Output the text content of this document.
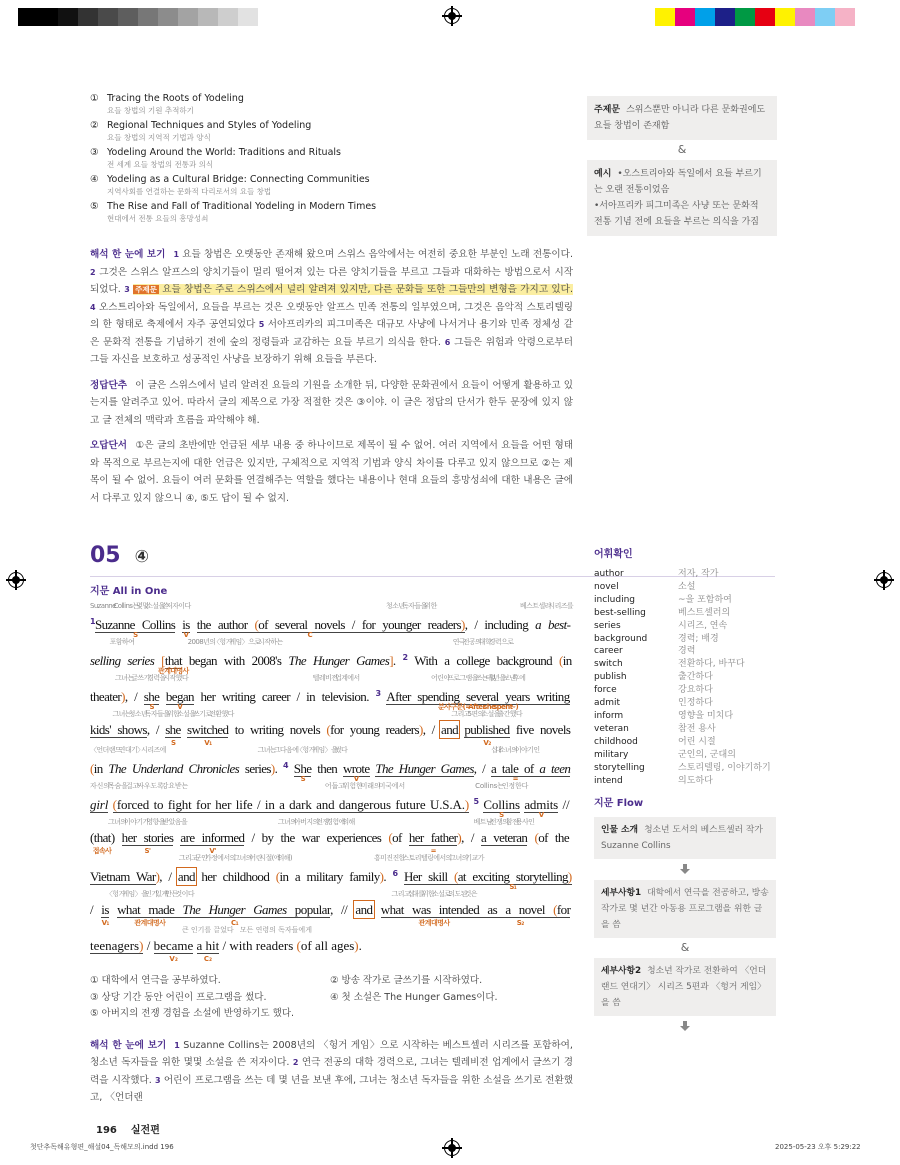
① Tracing the Roots of Yodeling
요들 창법의 기원 추적하기
② Regional Techniques and Styles of Yodeling
요들 창법의 지역적 기법과 양식
③ Yodeling Around the World: Traditions and Rituals
전 세계 요들 창법의 전통과 의식
④ Yodeling as a Cultural Bridge: Connecting Communities
지역사회를 연결하는 문화적 다리로서의 요들 창법
⑤ The Rise and Fall of Traditional Yodeling in Modern Times
현대에서 전통 요들의 흥망성쇠
해석 한 눈에 보기 1 요들 창법은 오랫동안 존재해 왔으며 스위스 음악에서는 여전히 중요한 부분인 노래 전통이다. 2 그것은 스위스 알프스의 양치기들이 멀리 떨어져 있는 다른 양치기들을 부르고 그들과 대화하는 방법으로서 시작되었다. 3 주제문 요들 창법은 주로 스위스에서 널리 알려져 있지만, 다른 문화들 또한 그들만의 변형을 가지고 있다. 4 오스트리아와 독일에서, 요들을 부르는 것은 오랫동안 알프스 민족 전통의 일부였으며, 그것은 음악적 스토리텔링의 한 형태로 축제에서 자주 공연되었다 5 서아프리카의 피그미족은 대규모 사냥에 나서거나 용기와 민족 정체성 같은 문화적 전통을 기념하기 전에 숲의 정령들과 교감하는 요들 부르기 의식을 한다. 6 그들은 위험과 악령으로부터 그들 자신을 보호하고 성공적인 사냥을 보장하기 위해 요들을 부른다.
정답단추 이 글은 스위스에서 널리 알려진 요들의 기원을 소개한 뒤, 다양한 문화권에서 요들이 어떻게 활용하고 있는지를 알려주고 있어. 따라서 글의 제목으로 가장 적절한 것은 ③이야. 이 글은 정답의 단서가 한두 문장에 있지 않고 글 전체의 맥락과 흐름을 파악해야 해.
오답단서 ①은 글의 초반에만 언급된 세부 내용 중 하나이므로 제목이 될 수 없어. 여러 지역에서 요들을 어떤 형태와 목적으로 부르는지에 대한 언급은 있지만, 구체적으로 지역적 기법과 양식 차이를 다루고 있지 않으므로 ②는 제목이 될 수 없어. 요들이 여러 문화를 연결해주는 역할을 했다는 내용이나 현대 요들의 흥망성쇠에 대한 내용은 글에서 다루고 있지 않으니 ④, ⑤도 답이 될 수 없지.
05 ④
지문 All in One
$^1$Suzanne Collins
Suzanne Collins는 몇몇 소설을 쓴 저자이다
S
is
V
the author (of several novels /
C
for younger readers
청소년 독자들을 위한
), / including a best-
베스트셀러 시리즈를
selling series
포함하여
[that
관계대명사
began with 2008's
2008년의 〈헝거 게임〉으로 시작하는
The Hunger Games]. $^2$ With a college background
연극 전공의 대학 경력으로
(in
theater), / she
그녀는 글쓰기 경력을 시작했다
S
began
V
her writing career / in television
텔레비전 업계에서
. $^3$ After spending several years writing
어린이 프로그램을 쓰는 데 몇 년을 보낸 후에
분사구문(= After she spent ~)
kids' shows, / she
그녀는 청소년 독자들을 위한 소설을 쓰기로 전환했다
S
switched
V₁
to writing novels (for young readers), / and published
그리고 5편의 소설을 출간했다
V₂
five novels
(
〈언더랜드 연대기〉 시리즈에
in The Underland Chronicles series). $^4$ She
그녀는 그다음에 〈헝거 게임〉을 썼다
S
then wrote
V
The Hunger Games, / a tale of
십 대 소녀의 이야기인
=
a teen
girl
자신의 목숨을 걸고 싸우도록 강요받는
(forced to fight for her life / in a dark and dangerous future U.S.A.
어둡고 위험한 미래의 미국에서
) $^5$ Collins
Collins는 인정한다
S
admits
V
//
(that)
접속사
her stories
그녀의 이야기가 영향을 받았음을
S'
are informed
V'
/ by the war experiences
그녀의 아버지의 전쟁 경험에 의해
(of her father
=
), / a veteran
베트남 전쟁의 참전 용사인
(of the
Vietnam War), / and her childhood
그리고 군인 가정에서의 그녀의 어린 시절(에 의해)
(in a military family). $^6$ Her skill
흥미진진한 스토리텔링에서의 그녀의 기교가
(at exciting storytelling
S₁
)
/ is
V₁
what made
〈헝거 게임〉을 인기 있게 만든 것이다
관계대명사
The Hunger Games
C₁
popular, // and what was intended
그리고 십 대를 위한 소설로 의도된 것은
관계대명사
as a novel
S₂
(for
teenagers) / became
V₂
a hit
큰 인기를 끌었다
C₂
/ with readers
모든 연령의 독자들에게
(of all ages).
① 대학에서 연극을 공부하였다.	② 방송 작가로 글쓰기를 시작하였다.③ 상당 기간 동안 어린이 프로그램을 썼다.	④ 첫 소설은 The Hunger Games이다.⑤ 아버지의 전쟁 경험을 소설에 반영하기도 했다.
해석 한 눈에 보기 1 Suzanne Collins는 2008년의 〈헝거 게임〉으로 시작하는 베스트셀러 시리즈를 포함하여, 청소년 독자들을 위한 몇몇 소설을 쓴 저자이다. 2 연극 전공의 대학 경력으로, 그녀는 텔레비전 업계에서 글쓰기 경력을 시작했다. 3 어린이 프로그램을 쓰는 데 몇 년을 보낸 후에, 그녀는 청소년 독자들을 위한 소설을 쓰기로 전환했고, 〈언더랜
196 실전편
주제문 스위스뿐만 아니라 다른 문화권에도 요들 창법이 존재함
&
예시 •오스트리아와 독일에서 요들 부르기는 오랜 전통이었음
•서아프리카 피그미족은 사냥 또는 문화적 전통 기념 전에 요들을 부르는 의식을 가짐
어휘확인
author	저자, 작가
novel	소설
including	~을 포함하여
best-selling	베스트셀러의
series	시리즈, 연속
background	경력; 배경
career	경력
switch	전환하다, 바꾸다
publish	출간하다
force	강요하다
admit	인정하다
inform	영향을 미치다
veteran	참전 용사
childhood	어린 시절
military	군인의, 군대의
storytelling	스토리텔링, 이야기하기
intend	의도하다
지문 Flow
인물 소개 청소년 도서의 베스트셀러 작가 Suzanne Collins
세부사항1 대학에서 연극을 전공하고, 방송 작가로 몇 년간 아동용 프로그램을 위한 글을 씀
&
세부사항2 청소년 작가로 전환하여 〈언더랜드 연대기〉 시리즈 5편과 〈헝거 게임〉을 씀
첫단추독해유형편_해설04_독해모의.indd 196	2025-05-23 오후 5:29:22
